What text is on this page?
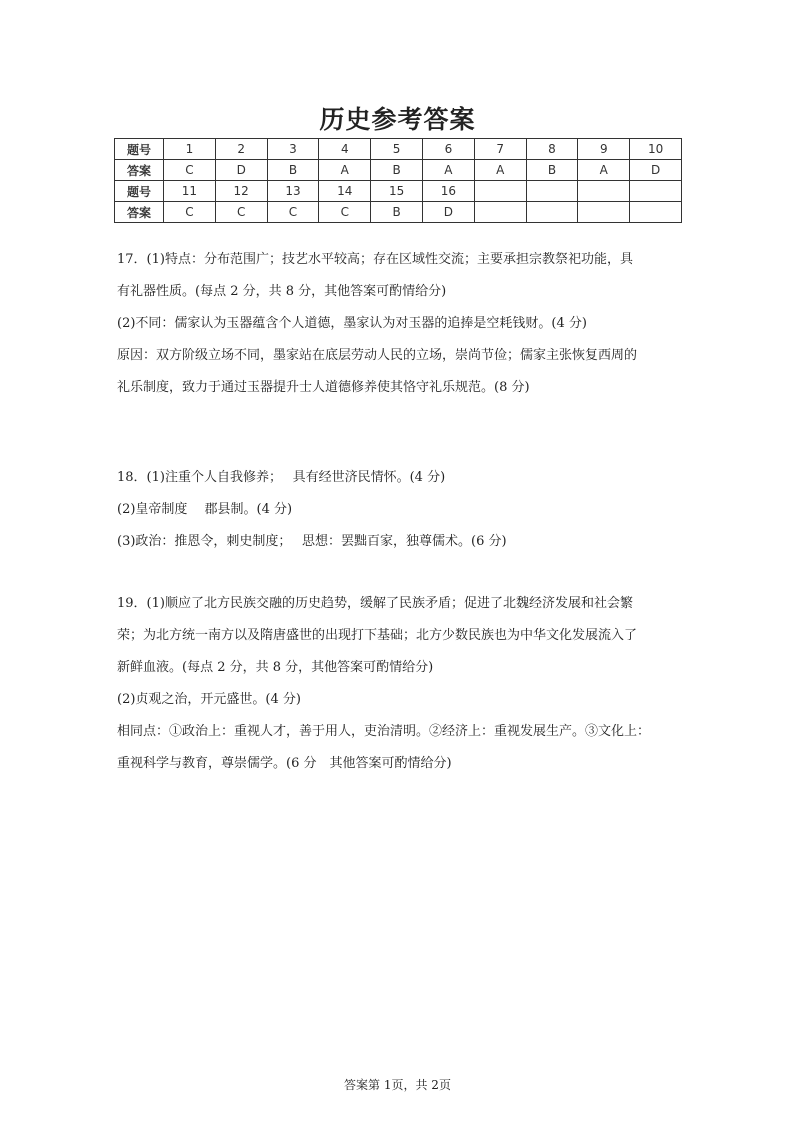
历史参考答案
题号	1	2	3	4	5	6	7	8	9	10
答案	C	D	B	A	B	A	A	B	A	D
题号	11	12	13	14	15	16				
答案	C	C	C	C	B	D				

17．(1)特点：分布范围广；技艺水平较高；存在区域性交流；主要承担宗教祭祀功能，具

有礼器性质。(每点 2 分，共 8 分，其他答案可酌情给分)

(2)不同：儒家认为玉器蕴含个人道德，墨家认为对玉器的追捧是空耗钱财。(4 分)

原因：双方阶级立场不同，墨家站在底层劳动人民的立场，崇尚节俭；儒家主张恢复西周的

礼乐制度，致力于通过玉器提升士人道德修养使其恪守礼乐规范。(8 分)

18．(1)注重个人自我修养；　 具有经世济民情怀。(4 分)

(2)皇帝制度　 郡县制。(4 分)

(3)政治：推恩令，刺史制度；　 思想：罢黜百家，独尊儒术。(6 分)

19．(1)顺应了北方民族交融的历史趋势，缓解了民族矛盾；促进了北魏经济发展和社会繁

荣；为北方统一南方以及隋唐盛世的出现打下基础；北方少数民族也为中华文化发展流入了

新鲜血液。(每点 2 分，共 8 分，其他答案可酌情给分)

(2)贞观之治，开元盛世。(4 分)

相同点：①政治上：重视人才，善于用人，吏治清明。②经济上：重视发展生产。③文化上：

重视科学与教育，尊崇儒学。(6 分　其他答案可酌情给分)

答案第 1页，共 2页
